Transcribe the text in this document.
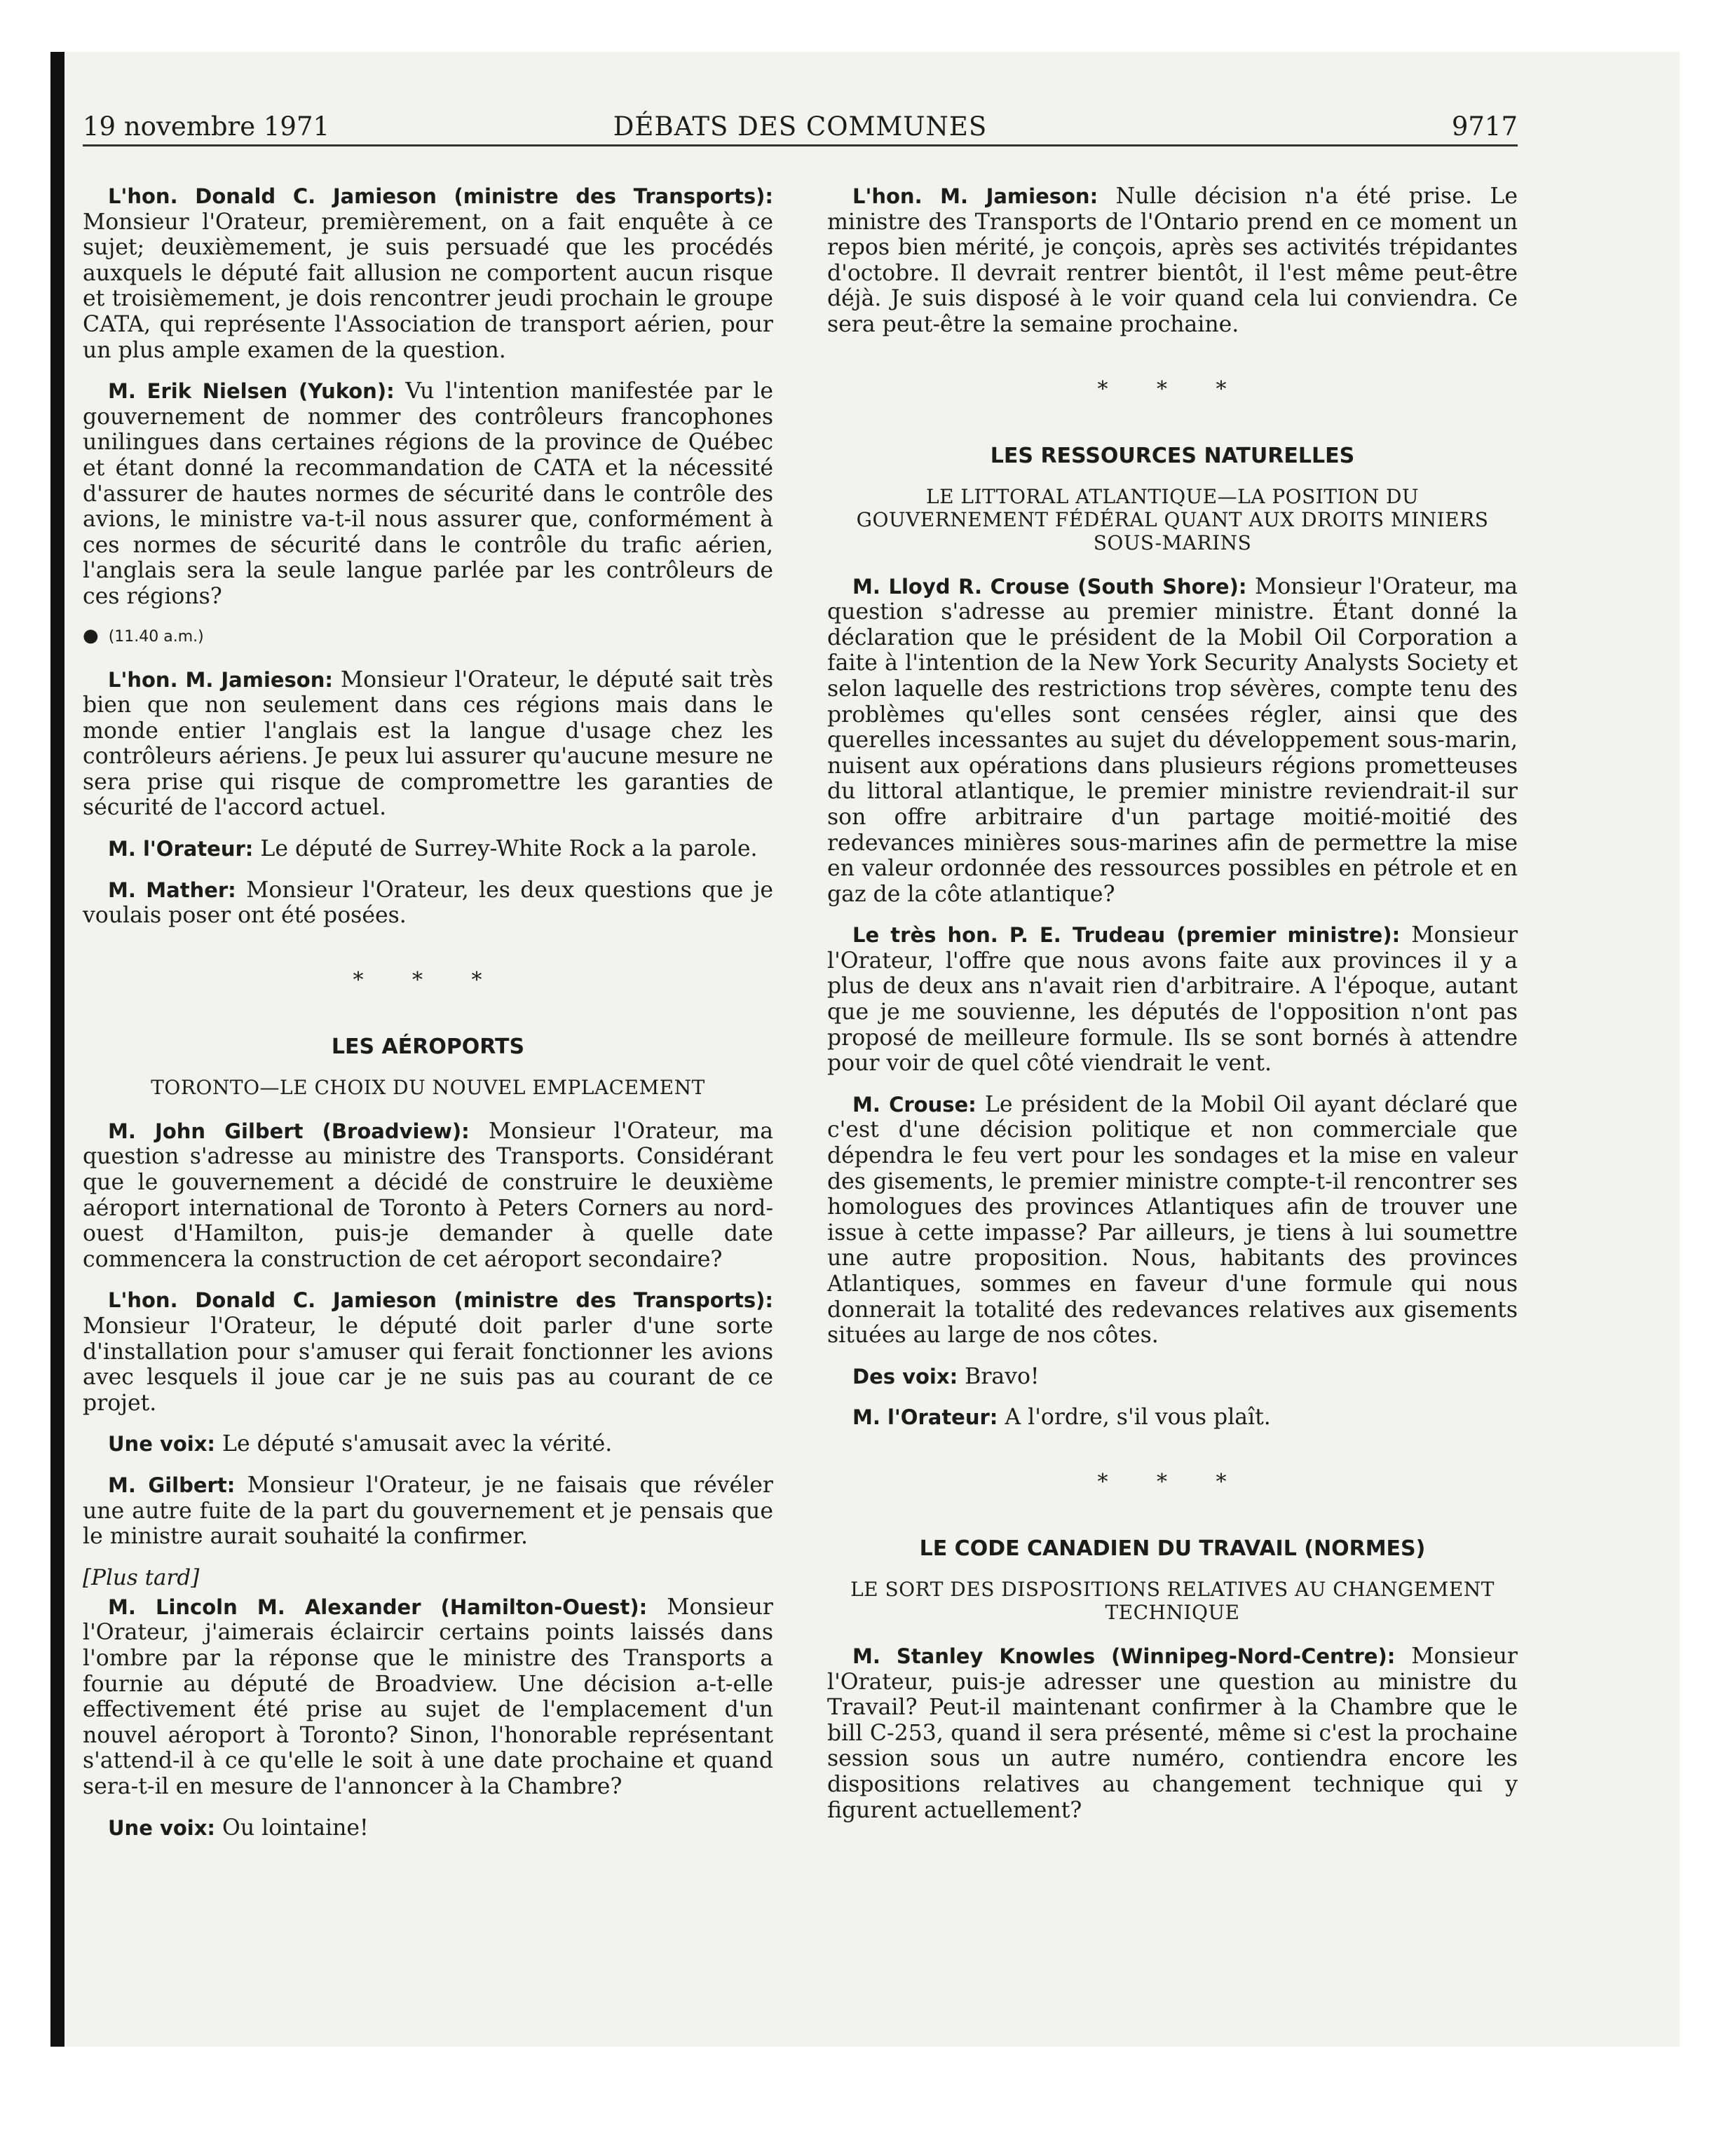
19 novembre 1971	DÉBATS DES COMMUNES	9717

L'hon. Donald C. Jamieson (ministre des Transports): Monsieur l'Orateur, premièrement, on a fait enquête à ce sujet; deuxièmement, je suis persuadé que les procédés auxquels le député fait allusion ne comportent aucun risque et troisièmement, je dois rencontrer jeudi prochain le groupe CATA, qui représente l'Association de transport aérien, pour un plus ample examen de la question.

M. Erik Nielsen (Yukon): Vu l'intention manifestée par le gouvernement de nommer des contrôleurs francophones unilingues dans certaines régions de la province de Québec et étant donné la recommandation de CATA et la nécessité d'assurer de hautes normes de sécurité dans le contrôle des avions, le ministre va-t-il nous assurer que, conformément à ces normes de sécurité dans le contrôle du trafic aérien, l'anglais sera la seule langue parlée par les contrôleurs de ces régions?

● (11.40 a.m.)

L'hon. M. Jamieson: Monsieur l'Orateur, le député sait très bien que non seulement dans ces régions mais dans le monde entier l'anglais est la langue d'usage chez les contrôleurs aériens. Je peux lui assurer qu'aucune mesure ne sera prise qui risque de compromettre les garanties de sécurité de l'accord actuel.

M. l'Orateur: Le député de Surrey-White Rock a la parole.

M. Mather: Monsieur l'Orateur, les deux questions que je voulais poser ont été posées.

* * *
LES AÉROPORTS
TORONTO—LE CHOIX DU NOUVEL EMPLACEMENT

M. John Gilbert (Broadview): Monsieur l'Orateur, ma question s'adresse au ministre des Transports. Considérant que le gouvernement a décidé de construire le deuxième aéroport international de Toronto à Peters Corners au nord-ouest d'Hamilton, puis-je demander à quelle date commencera la construction de cet aéroport secondaire?

L'hon. Donald C. Jamieson (ministre des Transports): Monsieur l'Orateur, le député doit parler d'une sorte d'installation pour s'amuser qui ferait fonctionner les avions avec lesquels il joue car je ne suis pas au courant de ce projet.

Une voix: Le député s'amusait avec la vérité.

M. Gilbert: Monsieur l'Orateur, je ne faisais que révéler une autre fuite de la part du gouvernement et je pensais que le ministre aurait souhaité la confirmer.

[Plus tard]

M. Lincoln M. Alexander (Hamilton-Ouest): Monsieur l'Orateur, j'aimerais éclaircir certains points laissés dans l'ombre par la réponse que le ministre des Transports a fournie au député de Broadview. Une décision a-t-elle effectivement été prise au sujet de l'emplacement d'un nouvel aéroport à Toronto? Sinon, l'honorable représentant s'attend-il à ce qu'elle le soit à une date prochaine et quand sera-t-il en mesure de l'annoncer à la Chambre?

Une voix: Ou lointaine!

L'hon. M. Jamieson: Nulle décision n'a été prise. Le ministre des Transports de l'Ontario prend en ce moment un repos bien mérité, je conçois, après ses activités trépidantes d'octobre. Il devrait rentrer bientôt, il l'est même peut-être déjà. Je suis disposé à le voir quand cela lui conviendra. Ce sera peut-être la semaine prochaine.

* * *
LES RESSOURCES NATURELLES
LE LITTORAL ATLANTIQUE—LA POSITION DU GOUVERNEMENT FÉDÉRAL QUANT AUX DROITS MINIERS SOUS-MARINS

M. Lloyd R. Crouse (South Shore): Monsieur l'Orateur, ma question s'adresse au premier ministre. Étant donné la déclaration que le président de la Mobil Oil Corporation a faite à l'intention de la New York Security Analysts Society et selon laquelle des restrictions trop sévères, compte tenu des problèmes qu'elles sont censées régler, ainsi que des querelles incessantes au sujet du développement sous-marin, nuisent aux opérations dans plusieurs régions prometteuses du littoral atlantique, le premier ministre reviendrait-il sur son offre arbitraire d'un partage moitié-moitié des redevances minières sous-marines afin de permettre la mise en valeur ordonnée des ressources possibles en pétrole et en gaz de la côte atlantique?

Le très hon. P. E. Trudeau (premier ministre): Monsieur l'Orateur, l'offre que nous avons faite aux provinces il y a plus de deux ans n'avait rien d'arbitraire. A l'époque, autant que je me souvienne, les députés de l'opposition n'ont pas proposé de meilleure formule. Ils se sont bornés à attendre pour voir de quel côté viendrait le vent.

M. Crouse: Le président de la Mobil Oil ayant déclaré que c'est d'une décision politique et non commerciale que dépendra le feu vert pour les sondages et la mise en valeur des gisements, le premier ministre compte-t-il rencontrer ses homologues des provinces Atlantiques afin de trouver une issue à cette impasse? Par ailleurs, je tiens à lui soumettre une autre proposition. Nous, habitants des provinces Atlantiques, sommes en faveur d'une formule qui nous donnerait la totalité des redevances relatives aux gisements situées au large de nos côtes.

Des voix: Bravo!

M. l'Orateur: A l'ordre, s'il vous plaît.

* * *
LE CODE CANADIEN DU TRAVAIL (NORMES)
LE SORT DES DISPOSITIONS RELATIVES AU CHANGEMENT TECHNIQUE

M. Stanley Knowles (Winnipeg-Nord-Centre): Monsieur l'Orateur, puis-je adresser une question au ministre du Travail? Peut-il maintenant confirmer à la Chambre que le bill C-253, quand il sera présenté, même si c'est la prochaine session sous un autre numéro, contiendra encore les dispositions relatives au changement technique qui y figurent actuellement?
